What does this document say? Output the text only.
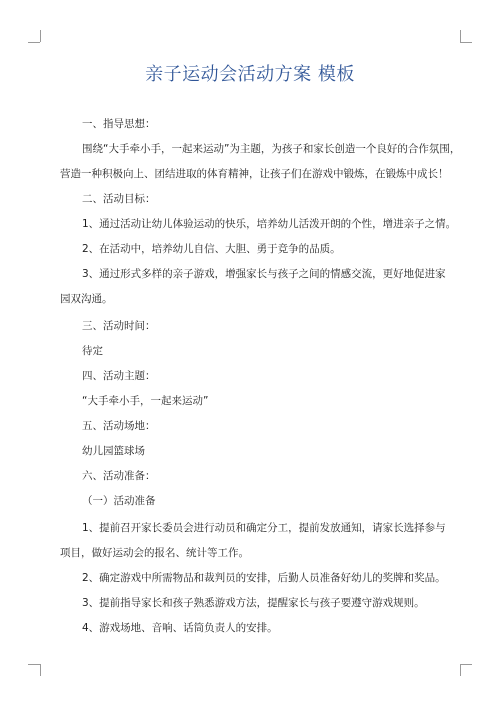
亲子运动会活动方案 模板
一、指导思想：
围绕“大手牵小手，一起来运动”为主题，为孩子和家长创造一个良好的合作氛围，
营造一种积极向上、团结进取的体育精神，让孩子们在游戏中锻炼，在锻炼中成长！
二、活动目标：
1、通过活动让幼儿体验运动的快乐，培养幼儿活泼开朗的个性，增进亲子之情。
2、在活动中，培养幼儿自信、大胆、勇于竞争的品质。
3、通过形式多样的亲子游戏，增强家长与孩子之间的情感交流，更好地促进家
园双沟通。
三、活动时间：
待定
四、活动主题：
“大手牵小手，一起来运动”
五、活动场地：
幼儿园篮球场
六、活动准备：
（一）活动准备
1、提前召开家长委员会进行动员和确定分工，提前发放通知，请家长选择参与
项目，做好运动会的报名、统计等工作。
2、确定游戏中所需物品和裁判员的安排，后勤人员准备好幼儿的奖牌和奖品。
3、提前指导家长和孩子熟悉游戏方法，提醒家长与孩子要遵守游戏规则。
4、游戏场地、音响、话筒负责人的安排。
